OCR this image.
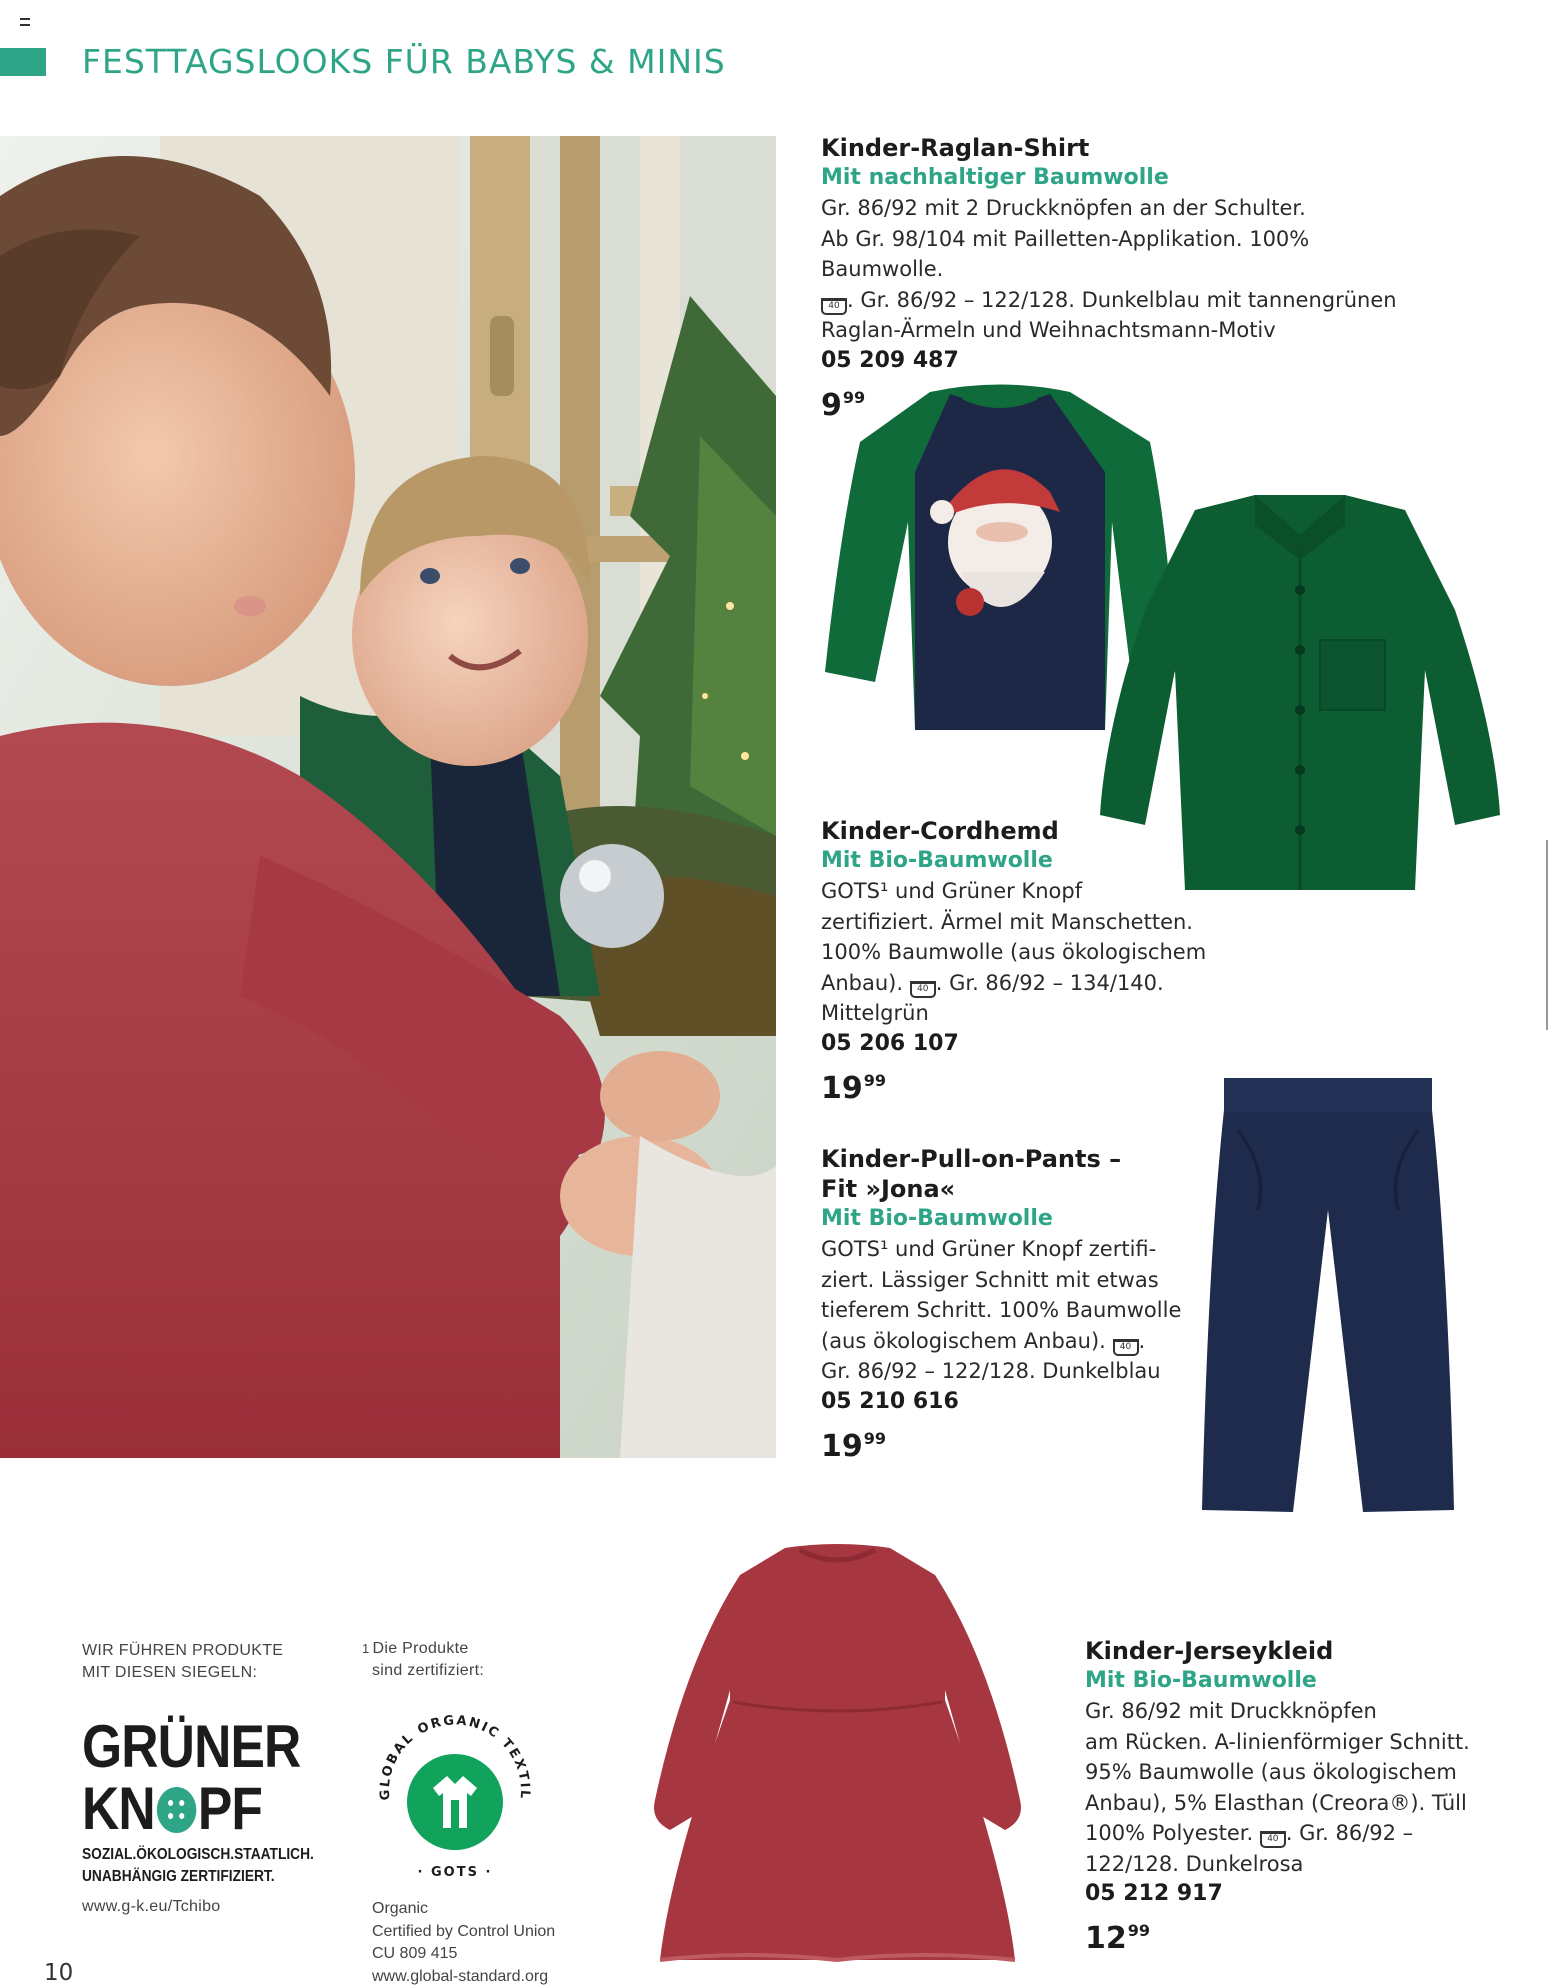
FESTTAGSLOOKS FÜR BABYS & MINIS
Kinder-Raglan-Shirt
Mit nachhaltiger Baumwolle
Gr. 86/92 mit 2 Druckknöpfen an der Schulter.
Ab Gr. 98/104 mit Pailletten-Applikation. 100% Baumwolle.
40 . Gr. 86/92 – 122/128. Dunkelblau mit tannengrünen
Raglan-Ärmeln und Weihnachtsmann-Motiv
05 209 487
$9^{99}$
Kinder-Cordhemd
Mit Bio-Baumwolle
GOTS¹ und Grüner Knopf
zertifiziert. Ärmel mit Manschetten.
100% Baumwolle (aus ökologischem
Anbau). 40 . Gr. 86/92 – 134/140.
Mittelgrün
05 206 107
$19^{99}$
Kinder-Pull-on-Pants –
Fit »Jona«
Mit Bio-Baumwolle
GOTS¹ und Grüner Knopf zertifi-
ziert. Lässiger Schnitt mit etwas
tieferem Schritt. 100% Baumwolle
(aus ökologischem Anbau). 40 .
Gr. 86/92 – 122/128. Dunkelblau
05 210 616
$19^{99}$
Kinder-Jerseykleid
Mit Bio-Baumwolle
Gr. 86/92 mit Druckknöpfen
am Rücken. A-linienförmiger Schnitt.
95% Baumwolle (aus ökologischem
Anbau), 5% Elasthan (Creora®). Tüll
100% Polyester. 40 . Gr. 86/92 –
122/128. Dunkelrosa
05 212 917
$12^{99}$
WIR FÜHREN PRODUKTE
MIT DIESEN SIEGELN:
GRÜNER
KN PF
SOZIAL.ÖKOLOGISCH.STAATLICH.
UNABHÄNGIG ZERTIFIZIERT.
www.g-k.eu/Tchibo
1 Die Produkte
sind zertifiziert:
GLOBAL ORGANIC TEXTIL
· GOTS ·
Organic
Certified by Control Union
CU 809 415
www.global-standard.org
10
